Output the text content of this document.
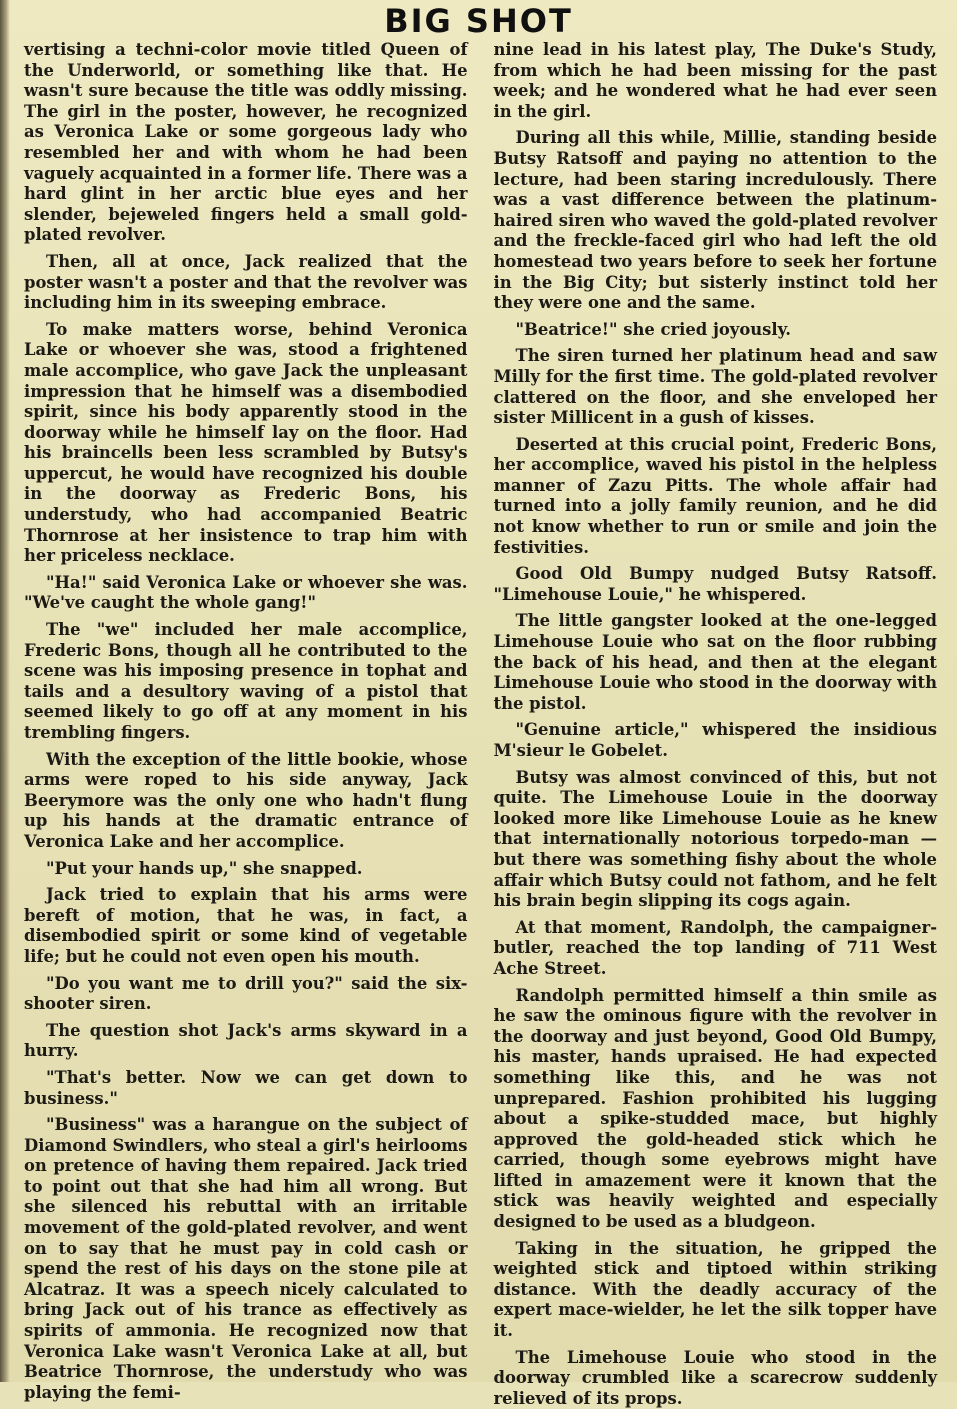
BIG SHOT

vertising a techni-color movie titled Queen of the Underworld, or something like that. He wasn't sure because the title was oddly missing. The girl in the poster, however, he recognized as Veronica Lake or some gorgeous lady who resembled her and with whom he had been vaguely acquainted in a former life. There was a hard glint in her arctic blue eyes and her slender, bejeweled fingers held a small gold-plated revolver.

Then, all at once, Jack realized that the poster wasn't a poster and that the revolver was including him in its sweeping embrace.

To make matters worse, behind Veronica Lake or whoever she was, stood a frightened male accomplice, who gave Jack the unpleasant impression that he himself was a disembodied spirit, since his body apparently stood in the doorway while he himself lay on the floor. Had his braincells been less scrambled by Butsy's uppercut, he would have recognized his double in the doorway as Frederic Bons, his understudy, who had accompanied Beatric Thornrose at her insistence to trap him with her priceless necklace.

"Ha!" said Veronica Lake or whoever she was. "We've caught the whole gang!"

The "we" included her male accomplice, Frederic Bons, though all he contributed to the scene was his imposing presence in tophat and tails and a desultory waving of a pistol that seemed likely to go off at any moment in his trembling fingers.

With the exception of the little bookie, whose arms were roped to his side anyway, Jack Beerymore was the only one who hadn't flung up his hands at the dramatic entrance of Veronica Lake and her accomplice.

"Put your hands up," she snapped.

Jack tried to explain that his arms were bereft of motion, that he was, in fact, a disembodied spirit or some kind of vegetable life; but he could not even open his mouth.

"Do you want me to drill you?" said the six-shooter siren.

The question shot Jack's arms skyward in a hurry.

"That's better. Now we can get down to business."

"Business" was a harangue on the subject of Diamond Swindlers, who steal a girl's heirlooms on pretence of having them repaired. Jack tried to point out that she had him all wrong. But she silenced his rebuttal with an irritable movement of the gold-plated revolver, and went on to say that he must pay in cold cash or spend the rest of his days on the stone pile at Alcatraz. It was a speech nicely calculated to bring Jack out of his trance as effectively as spirits of ammonia. He recognized now that Veronica Lake wasn't Veronica Lake at all, but Beatrice Thornrose, the understudy who was playing the femi-

nine lead in his latest play, The Duke's Study, from which he had been missing for the past week; and he wondered what he had ever seen in the girl.

During all this while, Millie, standing beside Butsy Ratsoff and paying no attention to the lecture, had been staring incredulously. There was a vast difference between the platinum-haired siren who waved the gold-plated revolver and the freckle-faced girl who had left the old homestead two years before to seek her fortune in the Big City; but sisterly instinct told her they were one and the same.

"Beatrice!" she cried joyously.

The siren turned her platinum head and saw Milly for the first time. The gold-plated revolver clattered on the floor, and she enveloped her sister Millicent in a gush of kisses.

Deserted at this crucial point, Frederic Bons, her accomplice, waved his pistol in the helpless manner of Zazu Pitts. The whole affair had turned into a jolly family reunion, and he did not know whether to run or smile and join the festivities.

Good Old Bumpy nudged Butsy Ratsoff. "Limehouse Louie," he whispered.

The little gangster looked at the one-legged Limehouse Louie who sat on the floor rubbing the back of his head, and then at the elegant Limehouse Louie who stood in the doorway with the pistol.

"Genuine article," whispered the insidious M'sieur le Gobelet.

Butsy was almost convinced of this, but not quite. The Limehouse Louie in the doorway looked more like Limehouse Louie as he knew that internationally notorious torpedo-man — but there was something fishy about the whole affair which Butsy could not fathom, and he felt his brain begin slipping its cogs again.

At that moment, Randolph, the campaigner-butler, reached the top landing of 711 West Ache Street.

Randolph permitted himself a thin smile as he saw the ominous figure with the revolver in the doorway and just beyond, Good Old Bumpy, his master, hands upraised. He had expected something like this, and he was not unprepared. Fashion prohibited his lugging about a spike-studded mace, but highly approved the gold-headed stick which he carried, though some eyebrows might have lifted in amazement were it known that the stick was heavily weighted and especially designed to be used as a bludgeon.

Taking in the situation, he gripped the weighted stick and tiptoed within striking distance. With the deadly accuracy of the expert mace-wielder, he let the silk topper have it.

The Limehouse Louie who stood in the doorway crumbled like a scarecrow suddenly relieved of its props.
